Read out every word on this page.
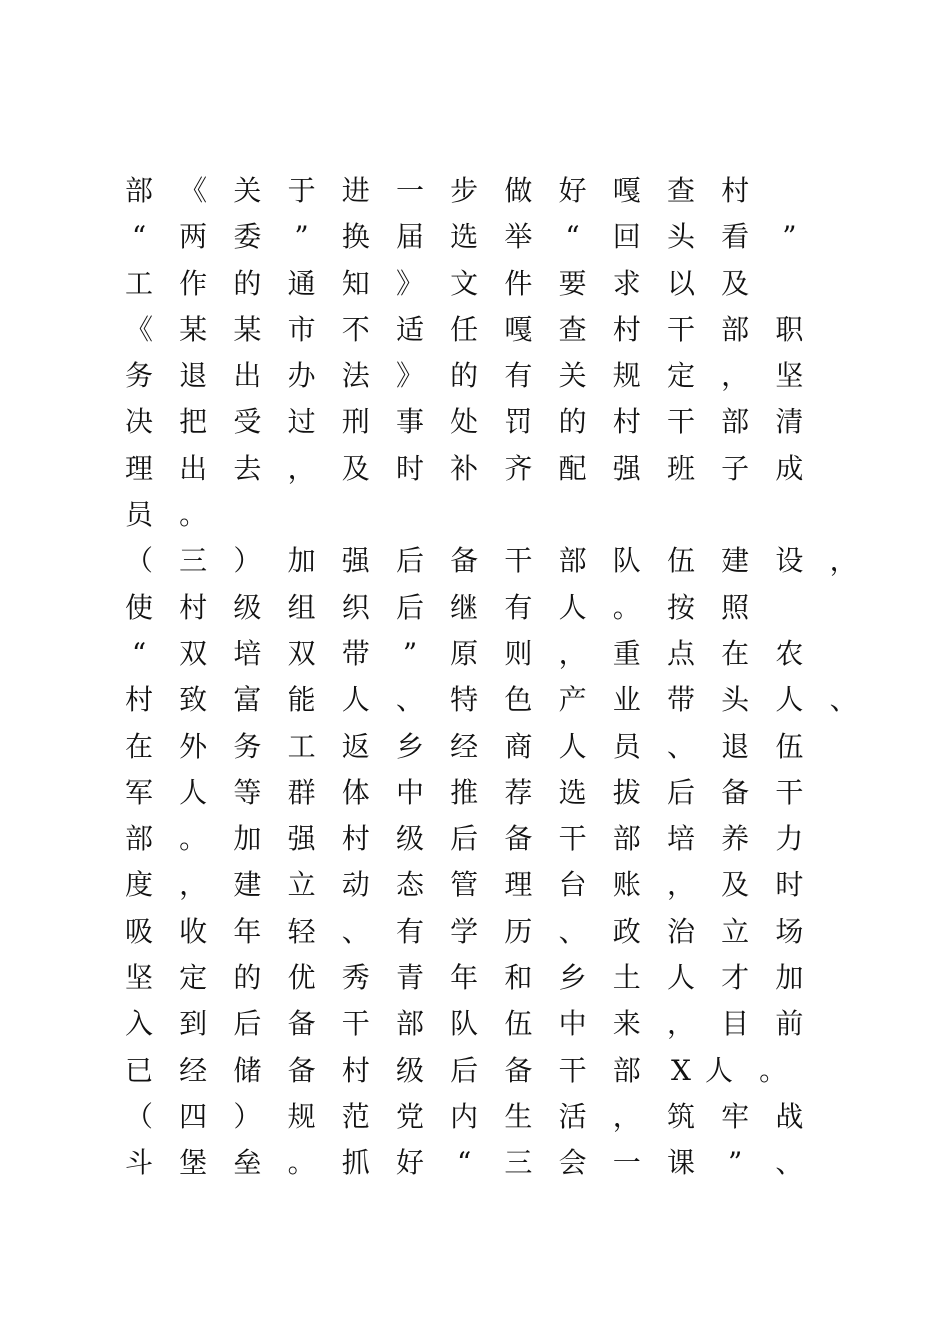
部 《 关 于 进 一 步 做 好 嘎 查 村
“ 两 委 ” 换 届 选 举 “ 回 头 看 ”
工 作 的 通 知 》 文 件 要 求 以 及
《 某 某 市 不 适 任 嘎 查 村 干 部 职
务 退 出 办 法 》 的 有 关 规 定 ， 坚
决 把 受 过 刑 事 处 罚 的 村 干 部 清
理 出 去 ， 及 时 补 齐 配 强 班 子 成
员 。
（ 三 ） 加 强 后 备 干 部 队 伍 建 设 ，
使 村 级 组 织 后 继 有 人 。 按 照
“ 双 培 双 带 ” 原 则 ， 重 点 在 农
村 致 富 能 人 、 特 色 产 业 带 头 人 、
在 外 务 工 返 乡 经 商 人 员 、 退 伍
军 人 等 群 体 中 推 荐 选 拔 后 备 干
部 。 加 强 村 级 后 备 干 部 培 养 力
度 ， 建 立 动 态 管 理 台 账 ， 及 时
吸 收 年 轻 、 有 学 历 、 政 治 立 场
坚 定 的 优 秀 青 年 和 乡 土 人 才 加
入 到 后 备 干 部 队 伍 中 来 ， 目 前
已 经 储 备 村 级 后 备 干 部 X 人 。
（ 四 ） 规 范 党 内 生 活 ， 筑 牢 战
斗 堡 垒 。 抓 好 “ 三 会 一 课 ” 、
